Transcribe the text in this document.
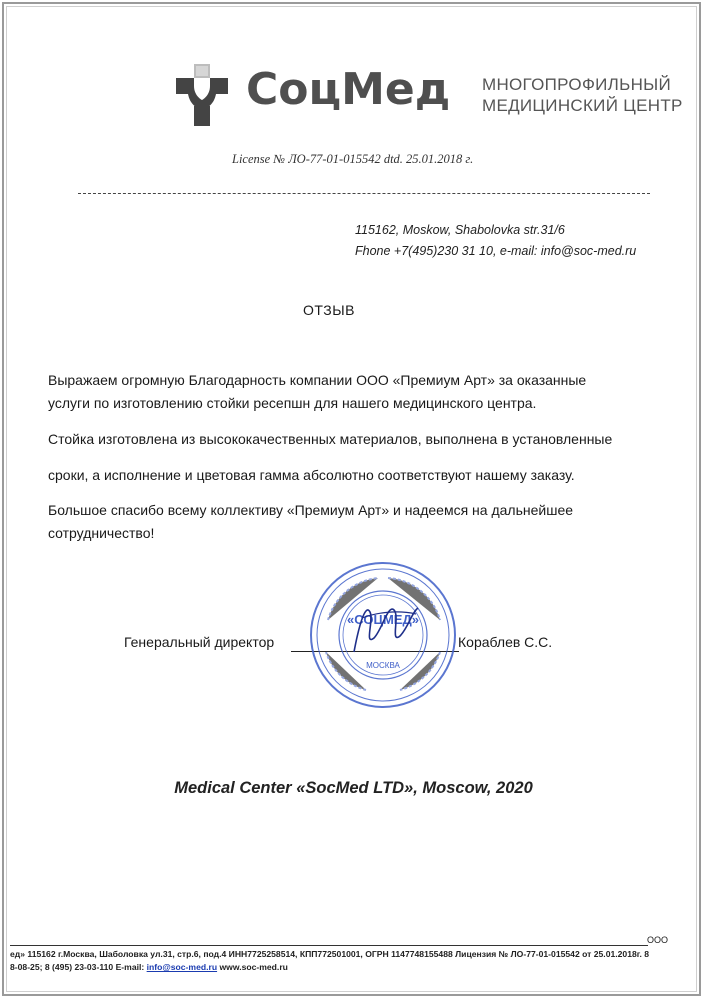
СоцМед МНОГОПРОФИЛЬНЫЙ
МЕДИЦИНСКИЙ ЦЕНТР
License № ЛО-77-01-015542 dtd. 25.01.2018 г.
115162, Moskow, Shabolovka str.31/6
Fhone +7(495)230 31 10, e-mail: info@soc-med.ru
ОТЗЫВ
Выражаем огромную Благодарность компании ООО «Премиум Арт» за оказанные
услуги по изготовлению стойки ресепшн для нашего медицинского центра.
Стойка изготовлена из высококачественных материалов, выполнена в установленные
сроки, а исполнение и цветовая гамма абсолютно соответствуют нашему заказу.
Большое спасибо всему коллективу «Премиум Арт» и надеемся на дальнейшее
сотрудничество!
Генеральный директор	Кораблев С.С.
«СОЦМЕД»
МОСКВА
Medical Center «SocMed LTD», Moscow, 2020
ООО
ед» 115162 г.Москва, Шаболовка ул.31, стр.6, под.4 ИНН7725258514, КПП772501001, ОГРН 1147748155488 Лицензия № ЛО-77-01-015542 от 25.01.2018г. 8
8-08-25; 8 (495) 23-03-110 E-mail: info@soc-med.ru www.soc-med.ru
